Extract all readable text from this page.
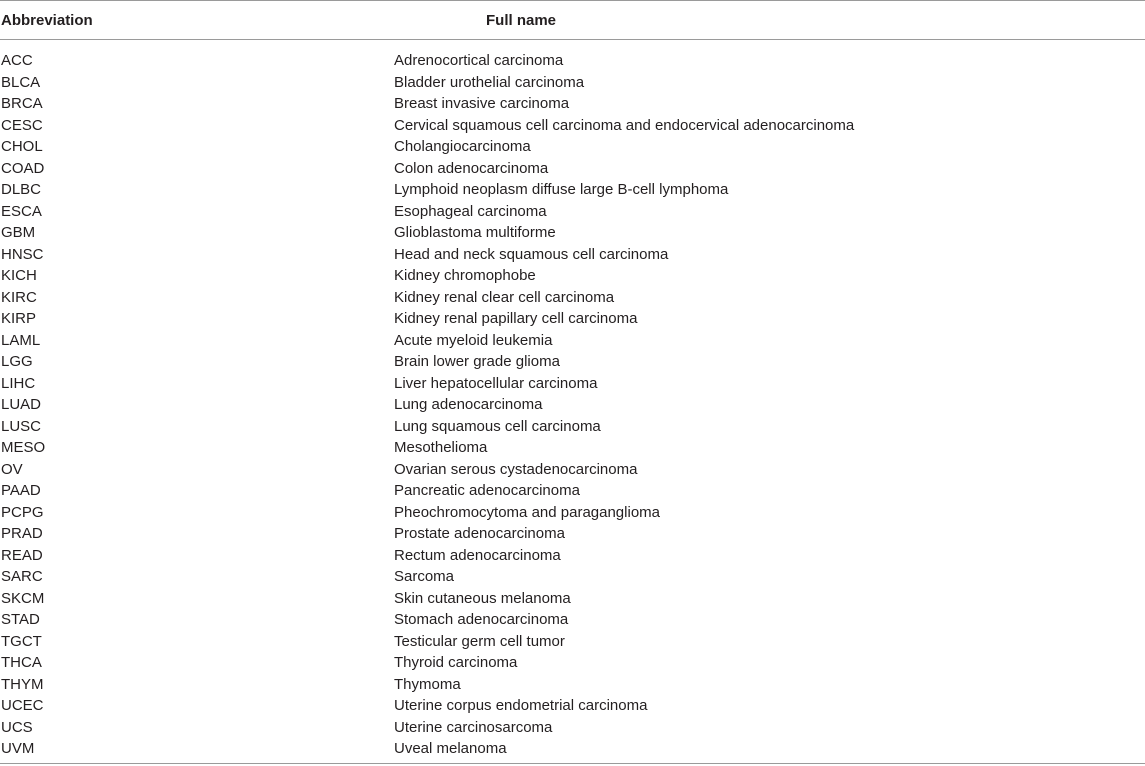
Abbreviation	Full name
ACC	Adrenocortical carcinoma
BLCA	Bladder urothelial carcinoma
BRCA	Breast invasive carcinoma
CESC	Cervical squamous cell carcinoma and endocervical adenocarcinoma
CHOL	Cholangiocarcinoma
COAD	Colon adenocarcinoma
DLBC	Lymphoid neoplasm diffuse large B-cell lymphoma
ESCA	Esophageal carcinoma
GBM	Glioblastoma multiforme
HNSC	Head and neck squamous cell carcinoma
KICH	Kidney chromophobe
KIRC	Kidney renal clear cell carcinoma
KIRP	Kidney renal papillary cell carcinoma
LAML	Acute myeloid leukemia
LGG	Brain lower grade glioma
LIHC	Liver hepatocellular carcinoma
LUAD	Lung adenocarcinoma
LUSC	Lung squamous cell carcinoma
MESO	Mesothelioma
OV	Ovarian serous cystadenocarcinoma
PAAD	Pancreatic adenocarcinoma
PCPG	Pheochromocytoma and paraganglioma
PRAD	Prostate adenocarcinoma
READ	Rectum adenocarcinoma
SARC	Sarcoma
SKCM	Skin cutaneous melanoma
STAD	Stomach adenocarcinoma
TGCT	Testicular germ cell tumor
THCA	Thyroid carcinoma
THYM	Thymoma
UCEC	Uterine corpus endometrial carcinoma
UCS	Uterine carcinosarcoma
UVM	Uveal melanoma
